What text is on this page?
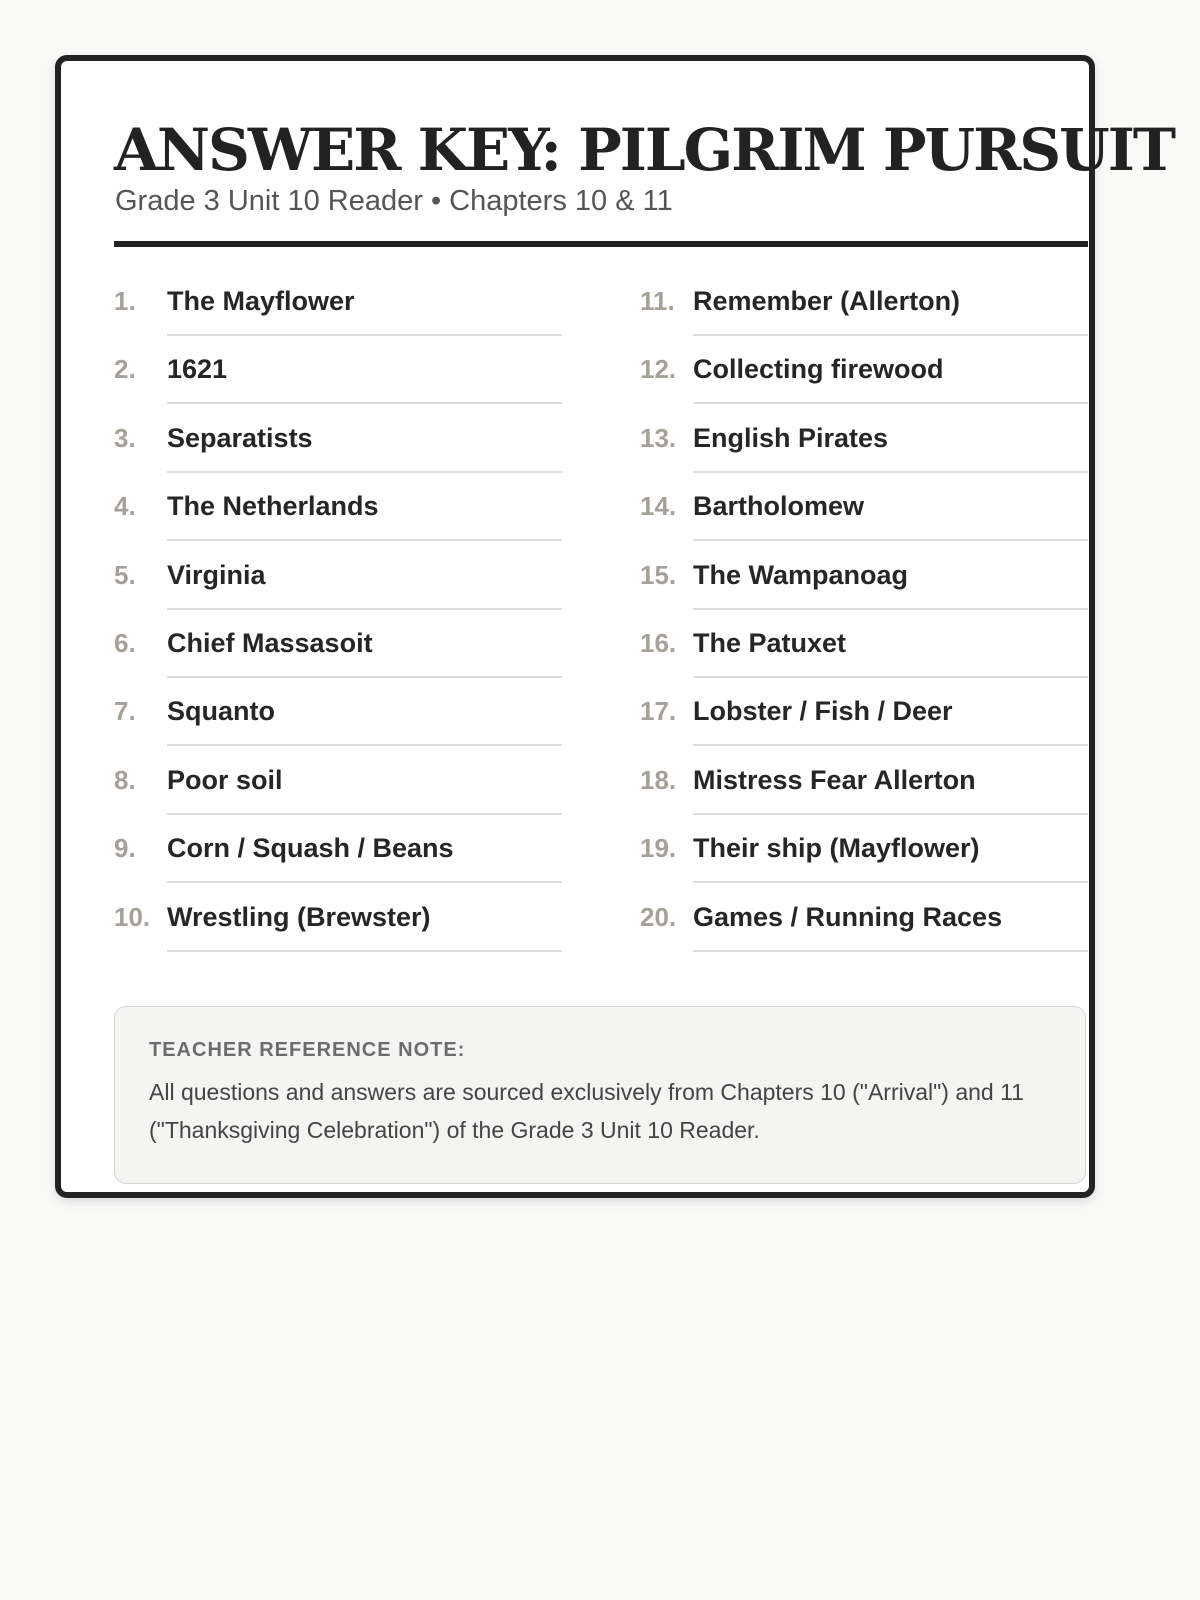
ANSWER KEY: PILGRIM PURSUIT
Grade 3 Unit 10 Reader • Chapters 10 & 11
1. The Mayflower
2. 1621
3. Separatists
4. The Netherlands
5. Virginia
6. Chief Massasoit
7. Squanto
8. Poor soil
9. Corn / Squash / Beans
10. Wrestling (Brewster)
11. Remember (Allerton)
12. Collecting firewood
13. English Pirates
14. Bartholomew
15. The Wampanoag
16. The Patuxet
17. Lobster / Fish / Deer
18. Mistress Fear Allerton
19. Their ship (Mayflower)
20. Games / Running Races
TEACHER REFERENCE NOTE:
All questions and answers are sourced exclusively from Chapters 10 ("Arrival") and 11 ("Thanksgiving Celebration") of the Grade 3 Unit 10 Reader.
